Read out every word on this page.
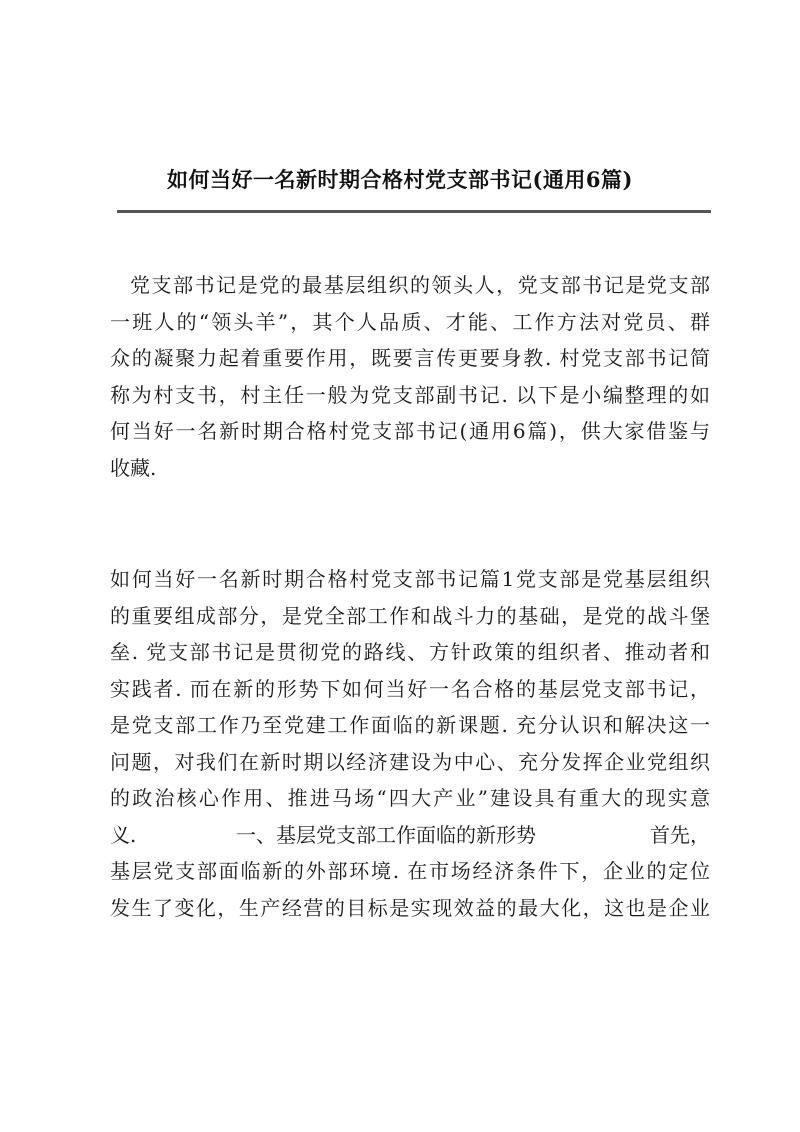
如何当好一名新时期合格村党支部书记(通用6篇)
党支部书记是党的最基层组织的领头人，党支部书记是党支部
一班人的“领头羊”，其个人品质、才能、工作方法对党员、群
众的凝聚力起着重要作用，既要言传更要身教. 村党支部书记简
称为村支书，村主任一般为党支部副书记. 以下是小编整理的如
何当好一名新时期合格村党支部书记(通用6篇)，供大家借鉴与
收藏.
如何当好一名新时期合格村党支部书记篇1党支部是党基层组织
的重要组成部分，是党全部工作和战斗力的基础，是党的战斗堡
垒. 党支部书记是贯彻党的路线、方针政策的组织者、推动者和
实践者. 而在新的形势下如何当好一名合格的基层党支部书记，
是党支部工作乃至党建工作面临的新课题. 充分认识和解决这一
问题，对我们在新时期以经济建设为中心、充分发挥企业党组织
的政治核心作用、推进马场“四大产业”建设具有重大的现实意
义.	一、基层党支部工作面临的新形势	首先，
基层党支部面临新的外部环境. 在市场经济条件下，企业的定位
发生了变化，生产经营的目标是实现效益的最大化，这也是企业
